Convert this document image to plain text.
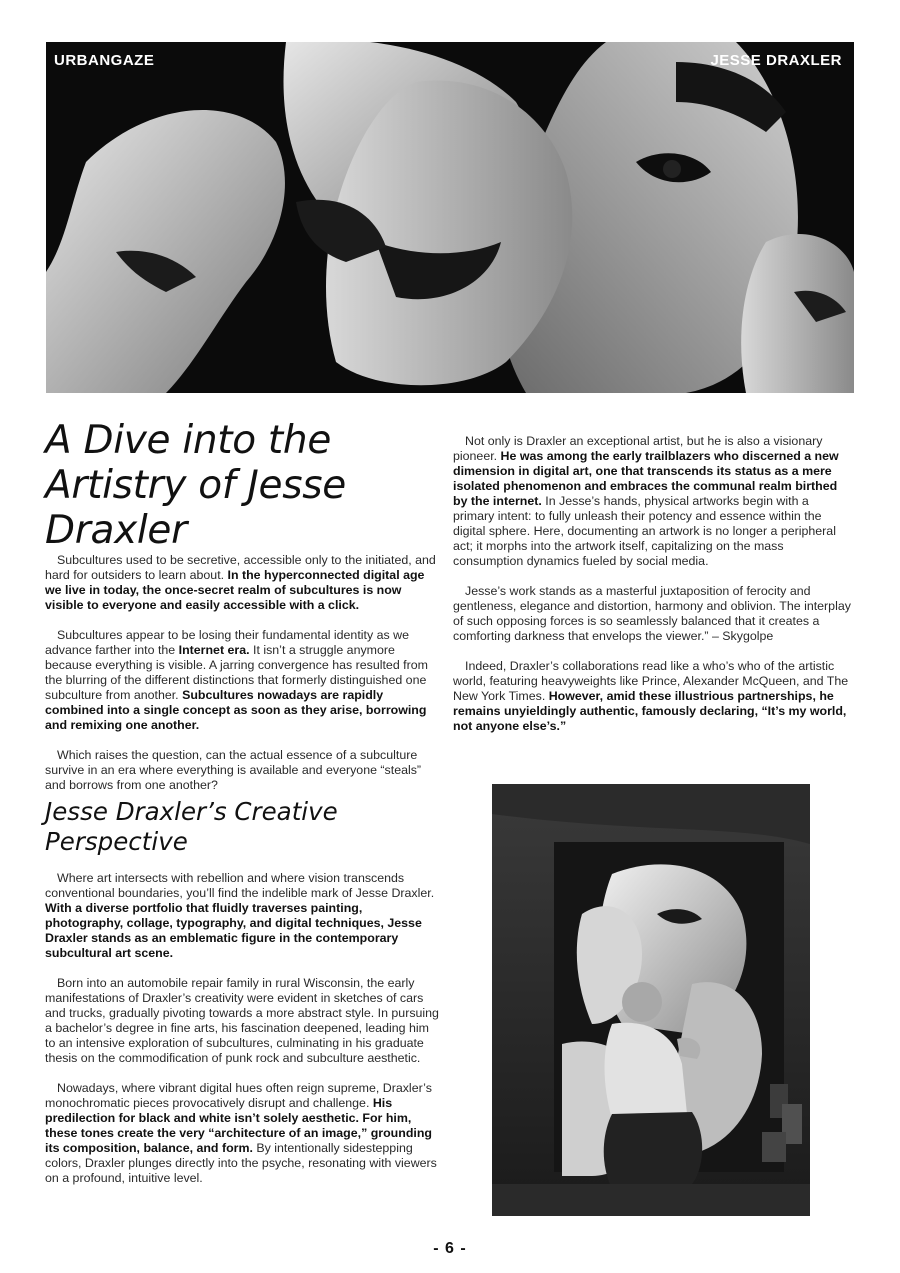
URBANGAZE	JESSE DRAXLER
A Dive into the Artistry of Jesse Draxler

Subcultures used to be secretive, accessible only to the initiated, and hard for outsiders to learn about. In the hyperconnected digital age we live in today, the once-secret realm of subcultures is now visible to everyone and easily accessible with a click.

Subcultures appear to be losing their fundamental identity as we advance farther into the Internet era. It isn’t a struggle anymore because everything is visible. A jarring convergence has resulted from the blurring of the different distinctions that formerly distinguished one subculture from another. Subcultures nowadays are rapidly combined into a single concept as soon as they arise, borrowing and remixing one another.

Which raises the question, can the actual essence of a subculture survive in an era where everything is available and everyone “steals” and borrows from one another?

Jesse Draxler’s Creative Perspective

Where art intersects with rebellion and where vision transcends conventional boundaries, you’ll find the indelible mark of Jesse Draxler. With a diverse portfolio that fluidly traverses painting, photography, collage, typography, and digital techniques, Jesse Draxler stands as an emblematic figure in the contemporary subcultural art scene.

Born into an automobile repair family in rural Wisconsin, the early manifestations of Draxler’s creativity were evident in sketches of cars and trucks, gradually pivoting towards a more abstract style. In pursuing a bachelor’s degree in fine arts, his fascination deepened, leading him to an intensive exploration of subcultures, culminating in his graduate thesis on the commodification of punk rock and subculture aesthetic.

Nowadays, where vibrant digital hues often reign supreme, Draxler’s monochromatic pieces provocatively disrupt and challenge. His predilection for black and white isn’t solely aesthetic. For him, these tones create the very “architecture of an image,” grounding its composition, balance, and form. By intentionally sidestepping colors, Draxler plunges directly into the psyche, resonating with viewers on a profound, intuitive level.

Not only is Draxler an exceptional artist, but he is also a visionary pioneer. He was among the early trailblazers who discerned a new dimension in digital art, one that transcends its status as a mere isolated phenomenon and embraces the communal realm birthed by the internet. In Jesse’s hands, physical artworks begin with a primary intent: to fully unleash their potency and essence within the digital sphere. Here, documenting an artwork is no longer a peripheral act; it morphs into the artwork itself, capitalizing on the mass consumption dynamics fueled by social media.

Jesse’s work stands as a masterful juxtaposition of ferocity and gentleness, elegance and distortion, harmony and oblivion. The interplay of such opposing forces is so seamlessly balanced that it creates a comforting darkness that envelops the viewer.” – Skygolpe

Indeed, Draxler’s collaborations read like a who’s who of the artistic world, featuring heavyweights like Prince, Alexander McQueen, and The New York Times. However, amid these illustrious partnerships, he remains unyieldingly authentic, famously declaring, “It’s my world, not anyone else’s.”

- 6 -
